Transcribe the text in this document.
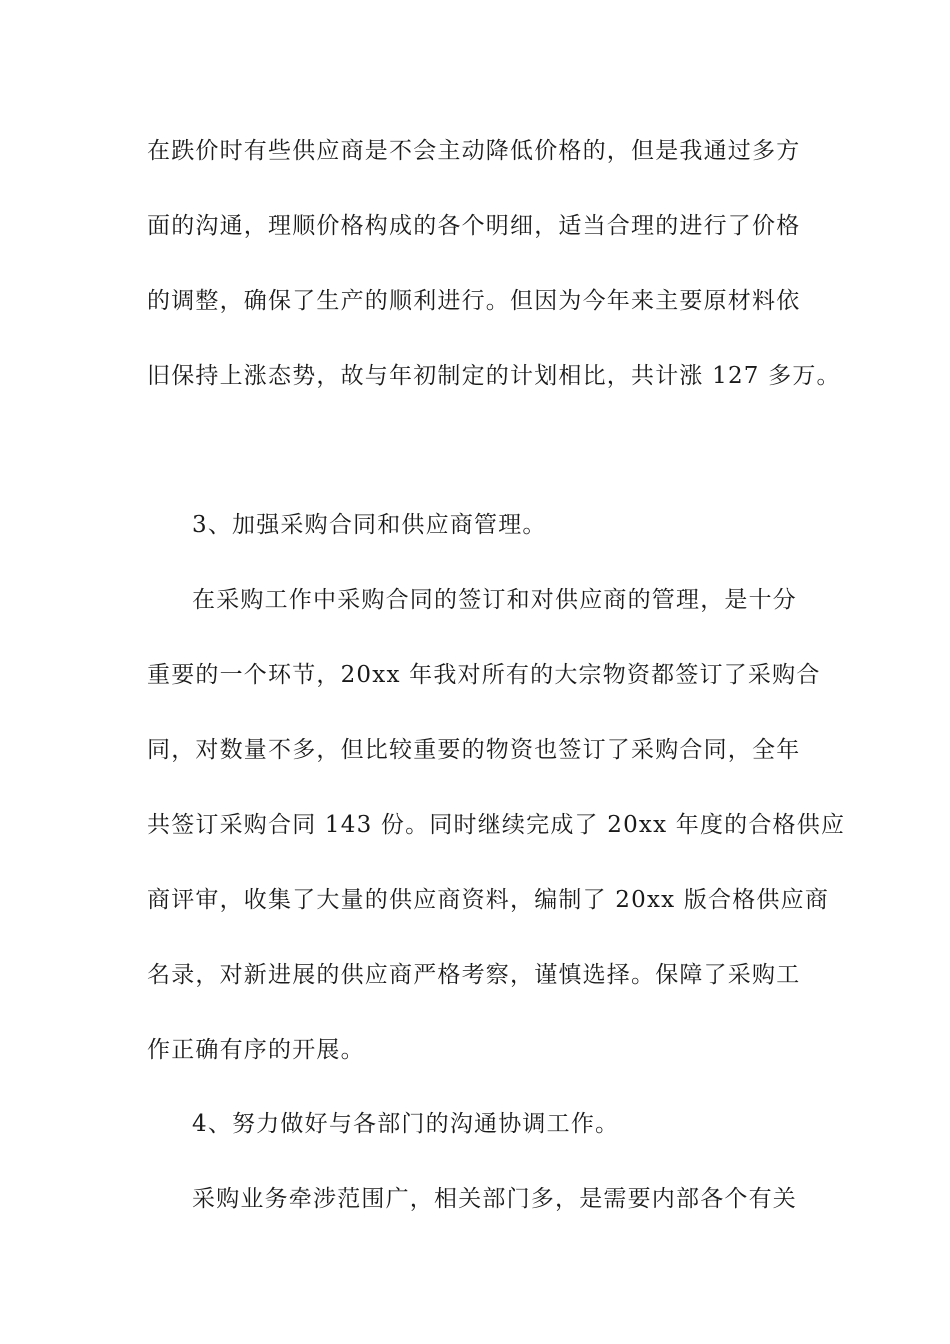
在跌价时有些供应商是不会主动降低价格的，但是我通过多方
面的沟通，理顺价格构成的各个明细，适当合理的进行了价格
的调整，确保了生产的顺利进行。但因为今年来主要原材料依
旧保持上涨态势，故与年初制定的计划相比，共计涨 127 多万。
3、加强采购合同和供应商管理。
在采购工作中采购合同的签订和对供应商的管理，是十分
重要的一个环节，20xx 年我对所有的大宗物资都签订了采购合
同，对数量不多，但比较重要的物资也签订了采购合同，全年
共签订采购合同 143 份。同时继续完成了 20xx 年度的合格供应
商评审，收集了大量的供应商资料，编制了 20xx 版合格供应商
名录，对新进展的供应商严格考察，谨慎选择。保障了采购工
作正确有序的开展。
4、努力做好与各部门的沟通协调工作。
采购业务牵涉范围广，相关部门多，是需要内部各个有关
